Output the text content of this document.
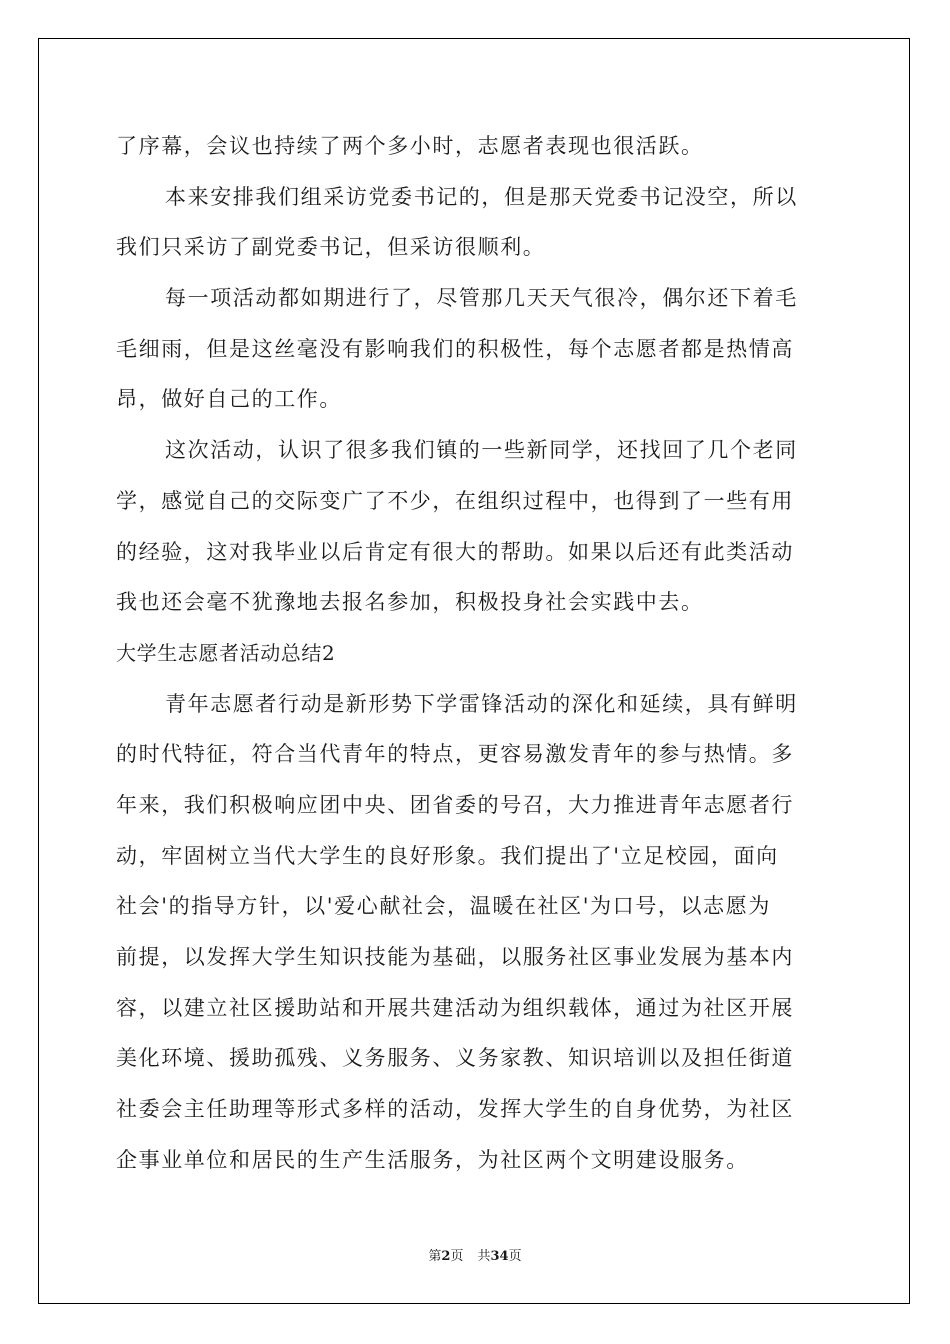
了序幕，会议也持续了两个多小时，志愿者表现也很活跃。
本来安排我们组采访党委书记的，但是那天党委书记没空，所以
我们只采访了副党委书记，但采访很顺利。
每一项活动都如期进行了，尽管那几天天气很冷，偶尔还下着毛
毛细雨，但是这丝毫没有影响我们的积极性，每个志愿者都是热情高
昂，做好自己的工作。
这次活动，认识了很多我们镇的一些新同学，还找回了几个老同
学，感觉自己的交际变广了不少，在组织过程中，也得到了一些有用
的经验，这对我毕业以后肯定有很大的帮助。如果以后还有此类活动
我也还会毫不犹豫地去报名参加，积极投身社会实践中去。
大学生志愿者活动总结2
青年志愿者行动是新形势下学雷锋活动的深化和延续，具有鲜明
的时代特征，符合当代青年的特点，更容易激发青年的参与热情。多
年来，我们积极响应团中央、团省委的号召，大力推进青年志愿者行
动，牢固树立当代大学生的良好形象。我们提出了'立足校园，面向
社会'的指导方针，以'爱心献社会，温暖在社区'为口号，以志愿为
前提，以发挥大学生知识技能为基础，以服务社区事业发展为基本内
容，以建立社区援助站和开展共建活动为组织载体，通过为社区开展
美化环境、援助孤残、义务服务、义务家教、知识培训以及担任街道
社委会主任助理等形式多样的活动，发挥大学生的自身优势，为社区
企事业单位和居民的生产生活服务，为社区两个文明建设服务。
第2页 共34页
